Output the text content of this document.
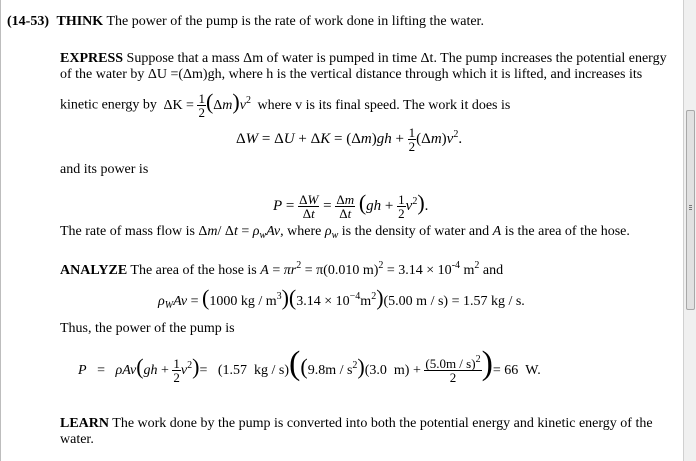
(14-53) THINK The power of the pump is the rate of work done in lifting the water.
EXPRESS Suppose that a mass Δm of water is pumped in time Δt. The pump increases the potential energy
of the water by ΔU =(Δm)gh, where h is the vertical distance through which it is lifted, and increases its
kinetic energy by $\Delta K = \frac{1}{2} (\Delta m)v^2$ where v is its final speed. The work it does is
$\Delta W = \Delta U + \Delta K = (\Delta m)gh + \frac{1}{2} (\Delta m)v^2$.
and its power is
$P = \frac{\Delta W}{\Delta t} = \frac{\Delta m}{\Delta t} (gh + \frac{1}{2} v^2)$.
The rate of mass flow is Δm/ $\Delta t = \rho_wAv$, where $\rho_w$ is the density of water and A is the area of the hose.
ANALYZE The area of the hose is $A = \pi r^2 = \pi(0.010$ $m)^2 = 3.14 \times 10^{-4}$ $m^2$ and
$\rho_WAv = (1000$ kg / $m^3)(3.14 \times 10^{-4}m^2)(5.00$ m / s) = 1.57 kg / s.
Thus, the power of the pump is
$P = \rho Av(gh + \frac{1}{2} v^2)= (1.57$  kg / $s)((9.8m / s^2)(3.0$  $m) + \frac{(5.0m / s)^2}{2}$ )= 66  W.
LEARN The work done by the pump is converted into both the potential energy and kinetic energy of the
water.
